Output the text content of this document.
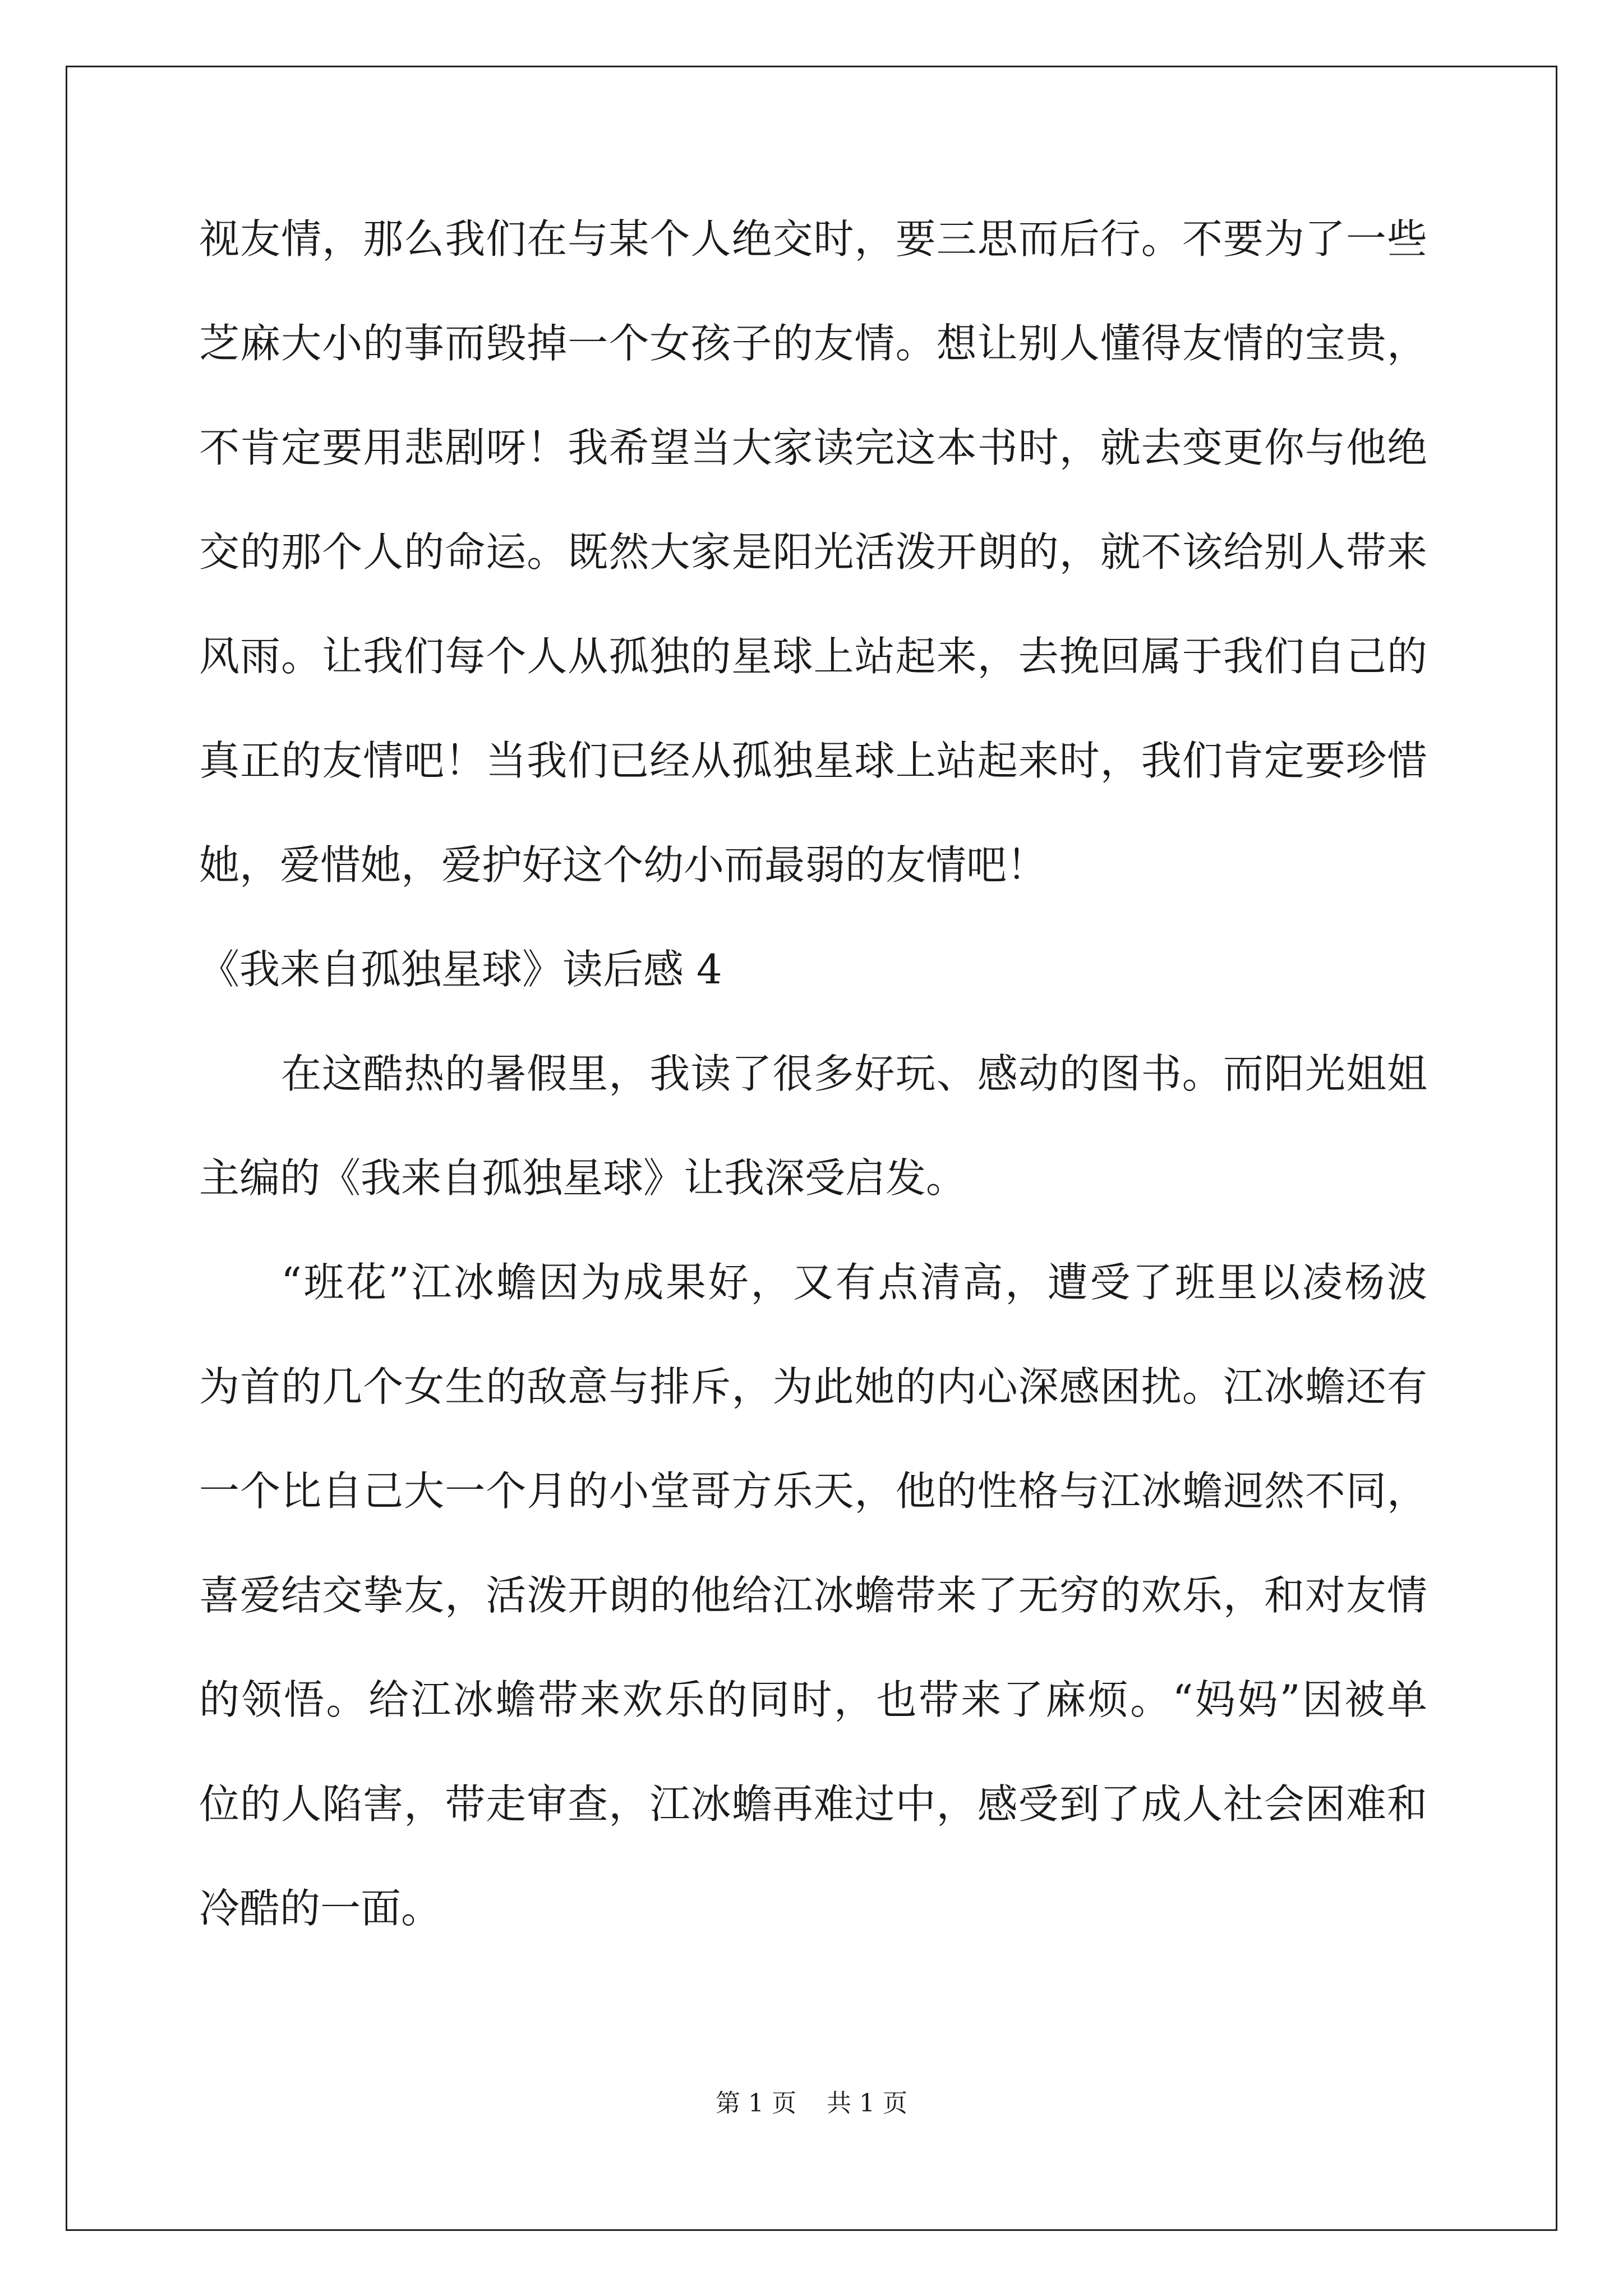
视友情，那么我们在与某个人绝交时，要三思而后行。不要为了一些
芝麻大小的事而毁掉一个女孩子的友情。想让别人懂得友情的宝贵，
不肯定要用悲剧呀！我希望当大家读完这本书时，就去变更你与他绝
交的那个人的命运。既然大家是阳光活泼开朗的，就不该给别人带来
风雨。让我们每个人从孤独的星球上站起来，去挽回属于我们自己的
真正的友情吧！当我们已经从孤独星球上站起来时，我们肯定要珍惜
她，爱惜她，爱护好这个幼小而最弱的友情吧！
《我来自孤独星球》读后感 4
在这酷热的暑假里，我读了很多好玩、感动的图书。而阳光姐姐
主编的《我来自孤独星球》让我深受启发。
“班花”江冰蟾因为成果好，又有点清高，遭受了班里以凌杨波
为首的几个女生的敌意与排斥，为此她的内心深感困扰。江冰蟾还有
一个比自己大一个月的小堂哥方乐天，他的性格与江冰蟾迥然不同，
喜爱结交挚友，活泼开朗的他给江冰蟾带来了无穷的欢乐，和对友情
的领悟。给江冰蟾带来欢乐的同时，也带来了麻烦。“妈妈”因被单
位的人陷害，带走审查，江冰蟾再难过中，感受到了成人社会困难和
冷酷的一面。
第 1 页 共 1 页
